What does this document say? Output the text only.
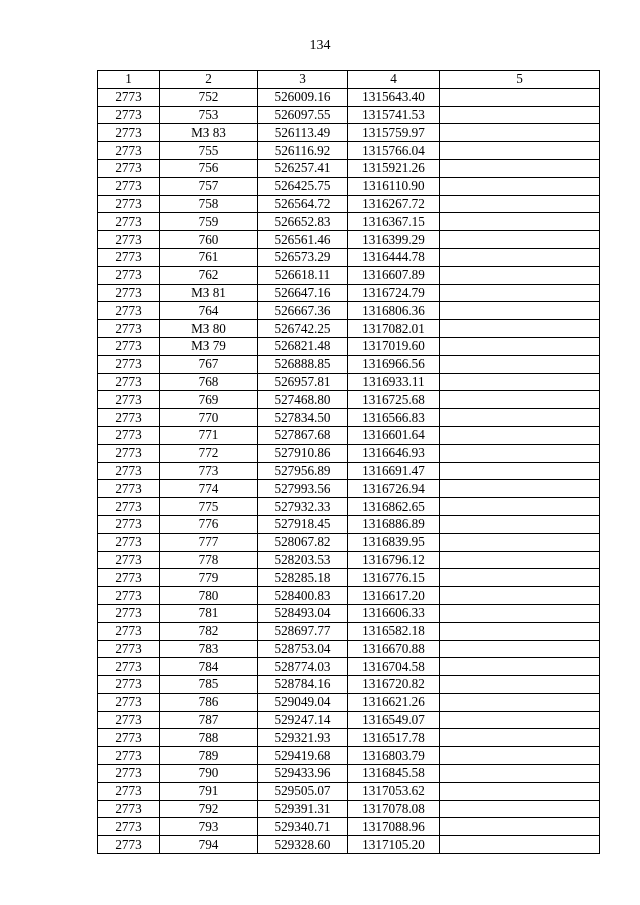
134
1	2	3	4	5
2773	752	526009.16	1315643.40	
2773	753	526097.55	1315741.53	
2773	МЗ 83	526113.49	1315759.97	
2773	755	526116.92	1315766.04	
2773	756	526257.41	1315921.26	
2773	757	526425.75	1316110.90	
2773	758	526564.72	1316267.72	
2773	759	526652.83	1316367.15	
2773	760	526561.46	1316399.29	
2773	761	526573.29	1316444.78	
2773	762	526618.11	1316607.89	
2773	МЗ 81	526647.16	1316724.79	
2773	764	526667.36	1316806.36	
2773	МЗ 80	526742.25	1317082.01	
2773	МЗ 79	526821.48	1317019.60	
2773	767	526888.85	1316966.56	
2773	768	526957.81	1316933.11	
2773	769	527468.80	1316725.68	
2773	770	527834.50	1316566.83	
2773	771	527867.68	1316601.64	
2773	772	527910.86	1316646.93	
2773	773	527956.89	1316691.47	
2773	774	527993.56	1316726.94	
2773	775	527932.33	1316862.65	
2773	776	527918.45	1316886.89	
2773	777	528067.82	1316839.95	
2773	778	528203.53	1316796.12	
2773	779	528285.18	1316776.15	
2773	780	528400.83	1316617.20	
2773	781	528493.04	1316606.33	
2773	782	528697.77	1316582.18	
2773	783	528753.04	1316670.88	
2773	784	528774.03	1316704.58	
2773	785	528784.16	1316720.82	
2773	786	529049.04	1316621.26	
2773	787	529247.14	1316549.07	
2773	788	529321.93	1316517.78	
2773	789	529419.68	1316803.79	
2773	790	529433.96	1316845.58	
2773	791	529505.07	1317053.62	
2773	792	529391.31	1317078.08	
2773	793	529340.71	1317088.96	
2773	794	529328.60	1317105.20	
